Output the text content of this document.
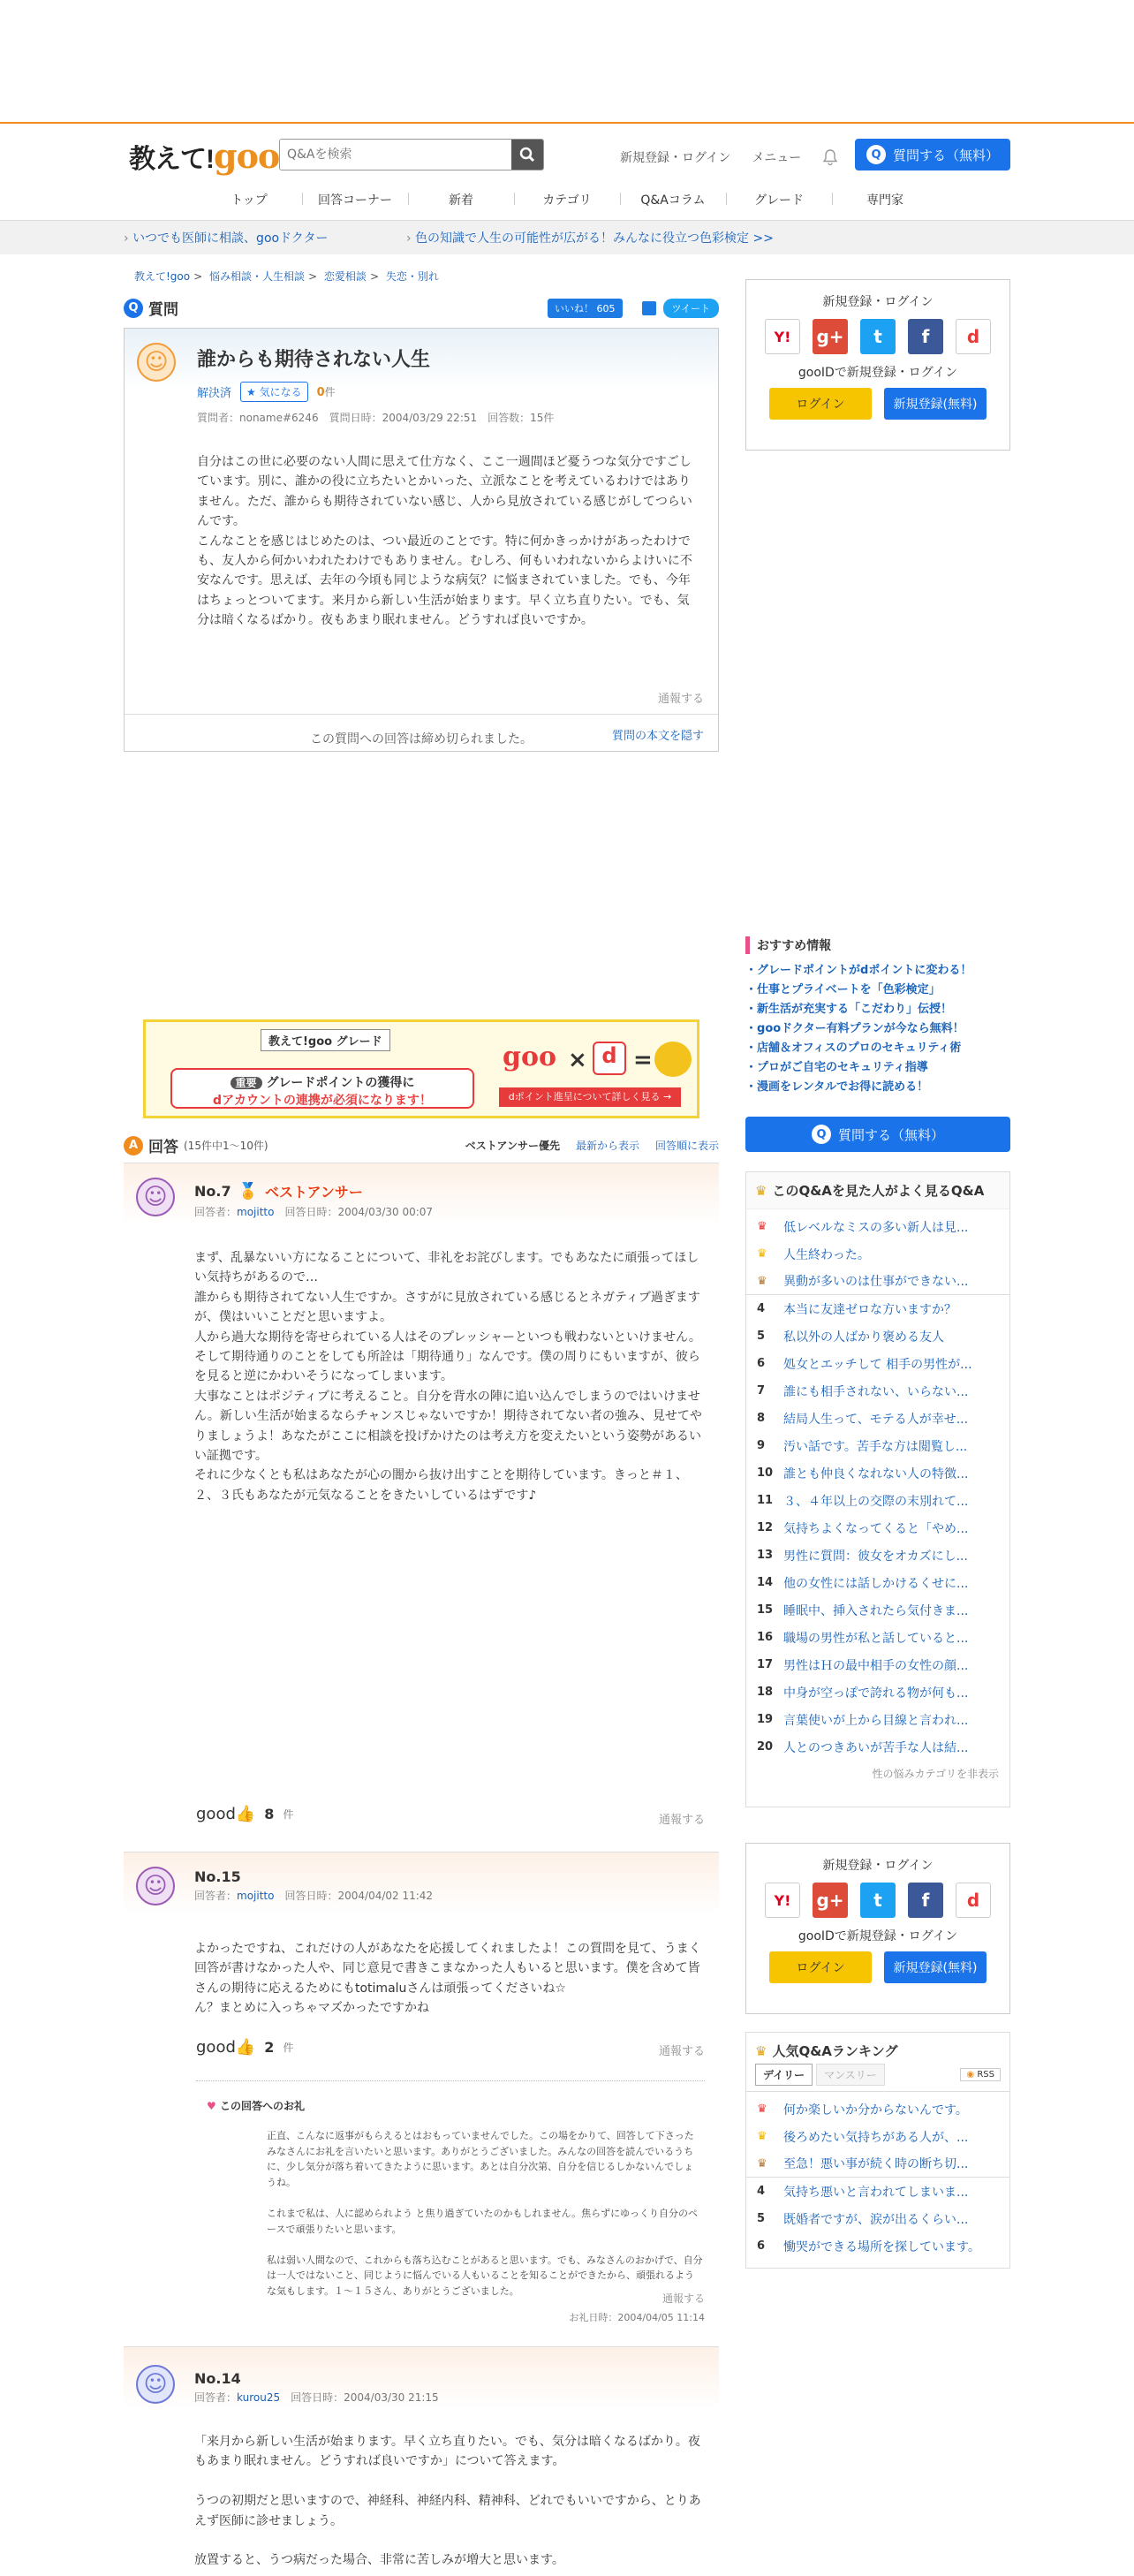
教えて!goo
Q&Aを検索	新規登録・ログイン メニュー	Q 質問する（無料）
トップ	回答コーナー	新着	カテゴリ	Q&Aコラム	グレード	専門家
› いつでも医師に相談、gooドクター
›	色の知識で人生の可能性が広がる！みんなに役立つ色彩検定 >>
教えて!goo > 悩み相談・人生相談 > 恋愛相談 > 失恋・別れ
Q 質問	いいね！ 605	ツイート
☺	誰からも期待されない人生
解決済	★ 気になる	0件
質問者：noname#6246　質問日時：2004/03/29 22:51　回答数：15件
自分はこの世に必要のない人間に思えて仕方なく、ここ一週間ほど憂うつな気分ですごしています。別に、誰かの役に立ちたいとかいった、立派なことを考えているわけではありません。ただ、誰からも期待されていない感じ、人から見放されている感じがしてつらいんです。
こんなことを感じはじめたのは、つい最近のことです。特に何かきっかけがあったわけでも、友人から何かいわれたわけでもありません。むしろ、何もいわれないからよけいに不安なんです。思えば、去年の今頃も同じような病気？に悩まされていました。でも、今年はちょっとついてます。来月から新しい生活が始まります。早く立ち直りたい。でも、気分は暗くなるばかり。夜もあまり眠れません。どうすれば良いですか。
通報する
この質問への回答は締め切られました。	質問の本文を隠す
教えて!goo グレード
重要 グレードポイントの獲得に
dアカウントの連携が必須になります！
goo × d =
dポイント進呈について詳しく見る →
A 回答 (15件中1～10件)	ベストアンサー優先 最新から表示 回答順に表示
☺	No.7 🏅 ベストアンサー
回答者：mojitto　 回答日時：2004/03/30 00:07
まず、乱暴ないい方になることについて、非礼をお詫びします。でもあなたに頑張ってほしい気持ちがあるので…
誰からも期待されてない人生ですか。さすがに見放されている感じるとネガティブ過ぎますが、僕はいいことだと思いますよ。
人から過大な期待を寄せられている人はそのプレッシャーといつも戦わないといけません。そして期待通りのことをしても所詮は「期待通り」なんです。僕の周りにもいますが、彼らを見ると逆にかわいそうになってしまいます。
大事なことはポジティブに考えること。自分を背水の陣に追い込んでしまうのではいけません。新しい生活が始まるならチャンスじゃないですか！期待されてない者の強み、見せてやりましょうよ！あなたがここに相談を投げかけたのは考え方を変えたいという姿勢があるいい証拠です。
それに少なくとも私はあなたが心の闇から抜け出すことを期待しています。きっと＃１、２、３氏もあなたが元気なることをきたいしているはずです♪
good👍 8 件	通報する
☺	No.15
回答者：mojitto　 回答日時：2004/04/02 11:42
よかったですね、これだけの人があなたを応援してくれましたよ！この質問を見て、うまく回答が書けなかった人や、同じ意見で書きこまなかった人もいると思います。僕を含めて皆さんの期待に応えるためにもtotimaluさんは頑張ってくださいね☆
ん？まとめに入っちゃマズかったですかね
good👍 2 件	通報する
♥ この回答へのお礼
正直、こんなに返事がもらえるとはおもっていませんでした。この場をかりて、回答して下さったみなさんにお礼を言いたいと思います。ありがとうございました。みんなの回答を読んでいるうちに、少し気分が落ち着いてきたように思います。あとは自分次第、自分を信じるしかないんでしょうね。

これまで私は、人に認められよう と焦り過ぎていたのかもしれません。焦らずにゆっくり自分のペースで頑張りたいと思います。

私は弱い人間なので、これからも落ち込むことがあると思います。でも、みなさんのおかげで、自分は一人ではないこと、同じように悩んでいる人もいることを知ることができたから、頑張れるような気もします。１～１５さん、ありがとうございました。
通報する
お礼日時：2004/04/05 11:14
☺	No.14
回答者：kurou25　 回答日時：2004/03/30 21:15
「来月から新しい生活が始まります。早く立ち直りたい。でも、気分は暗くなるばかり。夜もあまり眠れません。どうすれば良いですか」について答えます。

うつの初期だと思いますので、神経科、神経内科、精神科、どれでもいいですから、とりあえず医師に診せましょう。

放置すると、うつ病だった場合、非常に苦しみが増大と思います。
新規登録・ログイン
Y!	g+	t	f	d
gooIDで新規登録・ログイン
ログイン	新規登録(無料)
おすすめ情報
・グレードポイントがdポイントに変わる！
・仕事とプライベートを「色彩検定」
・新生活が充実する「こだわり」伝授！
・gooドクター有料プランが今なら無料！
・店舗＆オフィスのプロのセキュリティ術
・プロがご自宅のセキュリティ指導
・漫画をレンタルでお得に読める！
Q 質問する（無料）
♛ このQ&Aを見た人がよく見るQ&A
♛	低レベルなミスの多い新人は見...
♛	人生終わった。
♛	異動が多いのは仕事ができない...
4	本当に友達ゼロな方いますか？
5	私以外の人ばかり褒める友人
6	処女とエッチして 相手の男性が...
7	誰にも相手されない、いらない...
8	結局人生って、モテる人が幸せ...
9	汚い話です。苦手な方は閲覧し...
10 誰とも仲良くなれない人の特徴...
11 ３、４年以上の交際の末別れて...
12 気持ちよくなってくると「やめ...
13 男性に質問：彼女をオカズにし...
14 他の女性には話しかけるくせに...
15 睡眠中、挿入されたら気付きま...
16 職場の男性が私と話していると...
17 男性はＨの最中相手の女性の顔...
18 中身が空っぽで誇れる物が何も...
19 言葉使いが上から目線と言われ...
20 人とのつきあいが苦手な人は結...
性の悩みカテゴリを非表示
新規登録・ログイン
Y!	g+	t	f	d
gooIDで新規登録・ログイン
ログイン	新規登録(無料)
♛ 人気Q&Aランキング
デイリー	マンスリー	◉ RSS
♛	何か楽しいか分からないんです。
♛	後ろめたい気持ちがある人が、...
♛	至急！悪い事が続く時の断ち切...
4	気持ち悪いと言われてしまいま...
5	既婚者ですが、涙が出るくらい...
6	慟哭ができる場所を探しています。
